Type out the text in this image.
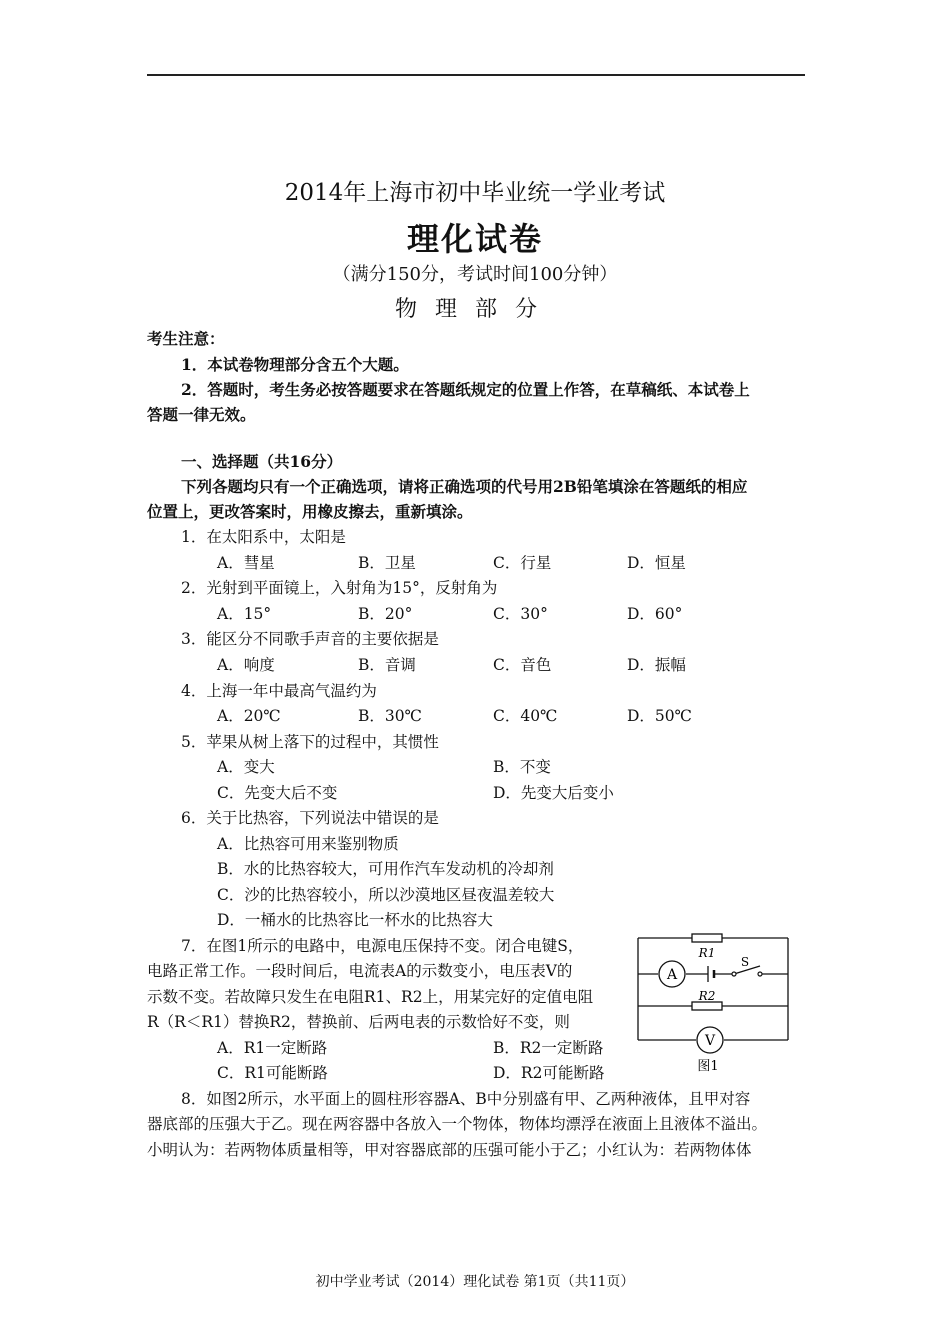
2014年上海市初中毕业统一学业考试
理化试卷
（满分150分，考试时间100分钟）
物理部分
考生注意：
1．本试卷物理部分含五个大题。
2．答题时，考生务必按答题要求在答题纸规定的位置上作答，在草稿纸、本试卷上
答题一律无效。
一、选择题（共16分）
下列各题均只有一个正确选项，请将正确选项的代号用2B铅笔填涂在答题纸的相应
位置上，更改答案时，用橡皮擦去，重新填涂。
1．在太阳系中，太阳是
A．彗星	B．卫星	C．行星	D．恒星
2．光射到平面镜上，入射角为15°，反射角为
A．15°	B．20°	C．30°	D．60°
3．能区分不同歌手声音的主要依据是
A．响度	B．音调	C．音色	D．振幅
4．上海一年中最高气温约为
A．20℃	B．30℃	C．40℃	D．50℃
5．苹果从树上落下的过程中，其惯性
A．变大	B．不变
C．先变大后不变	D．先变大后变小
6．关于比热容，下列说法中错误的是
A．比热容可用来鉴别物质
B．水的比热容较大，可用作汽车发动机的冷却剂
C．沙的比热容较小，所以沙漠地区昼夜温差较大
D．一桶水的比热容比一杯水的比热容大
7．在图1所示的电路中，电源电压保持不变。闭合电键S，
电路正常工作。一段时间后，电流表A的示数变小，电压表V的
示数不变。若故障只发生在电阻R1、R2上，用某完好的定值电阻
R（R＜R1）替换R2，替换前、后两电表的示数恰好不变，则
A．R1一定断路	B．R2一定断路
C．R1可能断路	D．R2可能断路
A
V
R1
R2
S
图1
8．如图2所示，水平面上的圆柱形容器A、B中分别盛有甲、乙两种液体，且甲对容
器底部的压强大于乙。现在两容器中各放入一个物体，物体均漂浮在液面上且液体不溢出。
小明认为：若两物体质量相等，甲对容器底部的压强可能小于乙；小红认为：若两物体体
初中学业考试（2014）理化试卷 第1页（共11页）
